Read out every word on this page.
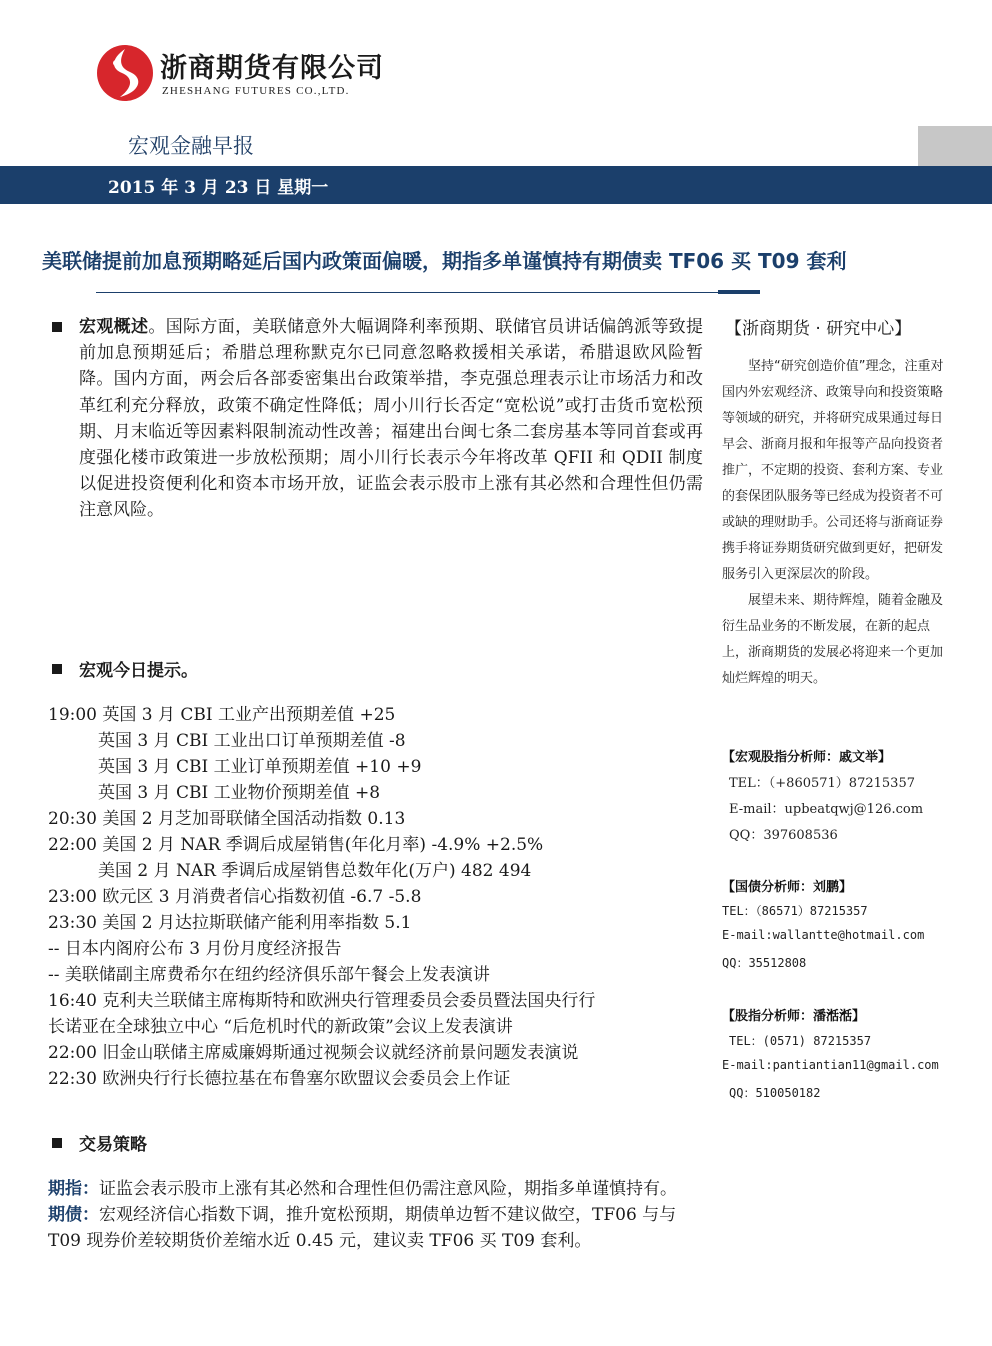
浙商期货有限公司
ZHESHANG FUTURES CO.,LTD.
宏观金融早报
2015 年 3 月 23 日 星期一
美联储提前加息预期略延后国内政策面偏暖，期指多单谨慎持有期债卖 TF06 买 T09 套利
宏观概述。国际方面，美联储意外大幅调降利率预期、联储官员讲话偏鸽派等致提前加息预期延后；希腊总理称默克尔已同意忽略救援相关承诺，希腊退欧风险暂降。国内方面，两会后各部委密集出台政策举措，李克强总理表示让市场活力和改革红利充分释放，政策不确定性降低；周小川行长否定“宽松说”或打击货币宽松预期、月末临近等因素料限制流动性改善；福建出台闽七条二套房基本等同首套或再度强化楼市政策进一步放松预期；周小川行长表示今年将改革 QFII 和 QDII 制度以促进投资便利化和资本市场开放，证监会表示股市上涨有其必然和合理性但仍需注意风险。
宏观今日提示。
19:00 英国 3 月 CBI 工业产出预期差值 +25
英国 3 月 CBI 工业出口订单预期差值 -8
英国 3 月 CBI 工业订单预期差值 +10 +9
英国 3 月 CBI 工业物价预期差值 +8
20:30 美国 2 月芝加哥联储全国活动指数 0.13
22:00 美国 2 月 NAR 季调后成屋销售(年化月率) -4.9% +2.5%
美国 2 月 NAR 季调后成屋销售总数年化(万户) 482 494
23:00 欧元区 3 月消费者信心指数初值 -6.7 -5.8
23:30 美国 2 月达拉斯联储产能利用率指数 5.1
-- 日本内阁府公布 3 月份月度经济报告
-- 美联储副主席费希尔在纽约经济俱乐部午餐会上发表演讲
16:40 克利夫兰联储主席梅斯特和欧洲央行管理委员会委员暨法国央行行
长诺亚在全球独立中心 “后危机时代的新政策”会议上发表演讲
22:00 旧金山联储主席威廉姆斯通过视频会议就经济前景问题发表演说
22:30 欧洲央行行长德拉基在布鲁塞尔欧盟议会委员会上作证
交易策略
期指：证监会表示股市上涨有其必然和合理性但仍需注意风险，期指多单谨慎持有。
期债：宏观经济信心指数下调，推升宽松预期，期债单边暂不建议做空，TF06 与与 T09 现券价差较期货价差缩水近 0.45 元，建议卖 TF06 买 T09 套利。
【浙商期货 · 研究中心】

坚持“研究创造价值”理念，注重对国内外宏观经济、政策导向和投资策略等领域的研究，并将研究成果通过每日早会、浙商月报和年报等产品向投资者推广，不定期的投资、套利方案、专业的套保团队服务等已经成为投资者不可或缺的理财助手。公司还将与浙商证券携手将证券期货研究做到更好，把研发服务引入更深层次的阶段。

展望未来、期待辉煌，随着金融及衍生品业务的不断发展，在新的起点上，浙商期货的发展必将迎来一个更加灿烂辉煌的明天。

【宏观股指分析师：戚文举】
TEL：（+860571）87215357
E-mail：upbeatqwj@126.com
QQ：397608536
【国债分析师：刘鹏】
TEL：（86571）87215357
E-mail:wallantte@hotmail.com
QQ：35512808
【股指分析师：潘湉湉】
TEL：(0571) 87215357
E-mail:pantiantian11@gmail.com
QQ：510050182
